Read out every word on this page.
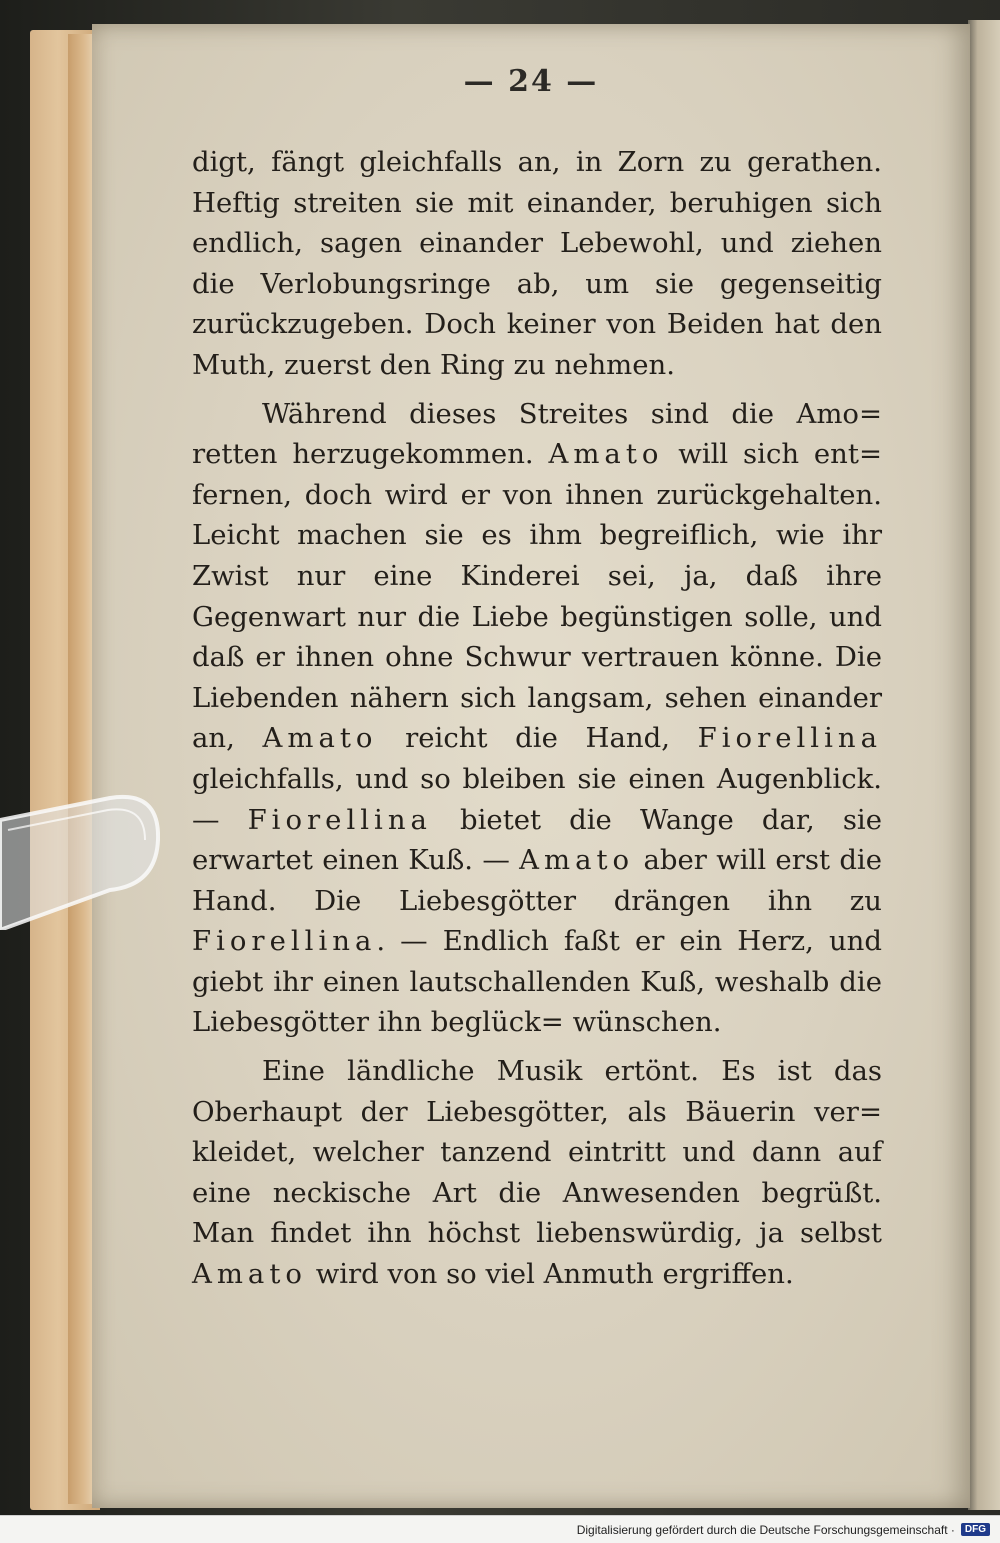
— 24 —

digt, fängt gleichfalls an, in Zorn zu gerathen. Heftig streiten sie mit einander, beruhigen sich endlich, sagen einander Lebewohl, und ziehen die Verlobungsringe ab, um sie gegenseitig zurückzugeben. Doch keiner von Beiden hat den Muth, zuerst den Ring zu nehmen.

Während dieses Streites sind die Amo= retten herzugekommen. Amato will sich ent= fernen, doch wird er von ihnen zurückgehalten. Leicht machen sie es ihm begreiflich, wie ihr Zwist nur eine Kinderei sei, ja, daß ihre Gegenwart nur die Liebe begünstigen solle, und daß er ihnen ohne Schwur vertrauen könne. Die Liebenden nähern sich langsam, sehen einander an, Amato reicht die Hand, Fiorellina gleichfalls, und so bleiben sie einen Augenblick. — Fiorellina bietet die Wange dar, sie erwartet einen Kuß. — Amato aber will erst die Hand. Die Liebesgötter drängen ihn zu Fiorellina. — Endlich faßt er ein Herz, und giebt ihr einen lautschallenden Kuß, weshalb die Liebesgötter ihn beglück= wünschen.

Eine ländliche Musik ertönt. Es ist das Oberhaupt der Liebesgötter, als Bäuerin ver= kleidet, welcher tanzend eintritt und dann auf eine neckische Art die Anwesenden begrüßt. Man findet ihn höchst liebenswürdig, ja selbst Amato wird von so viel Anmuth ergriffen.

Digitalisierung gefördert durch die Deutsche Forschungsgemeinschaft ·	DFG
